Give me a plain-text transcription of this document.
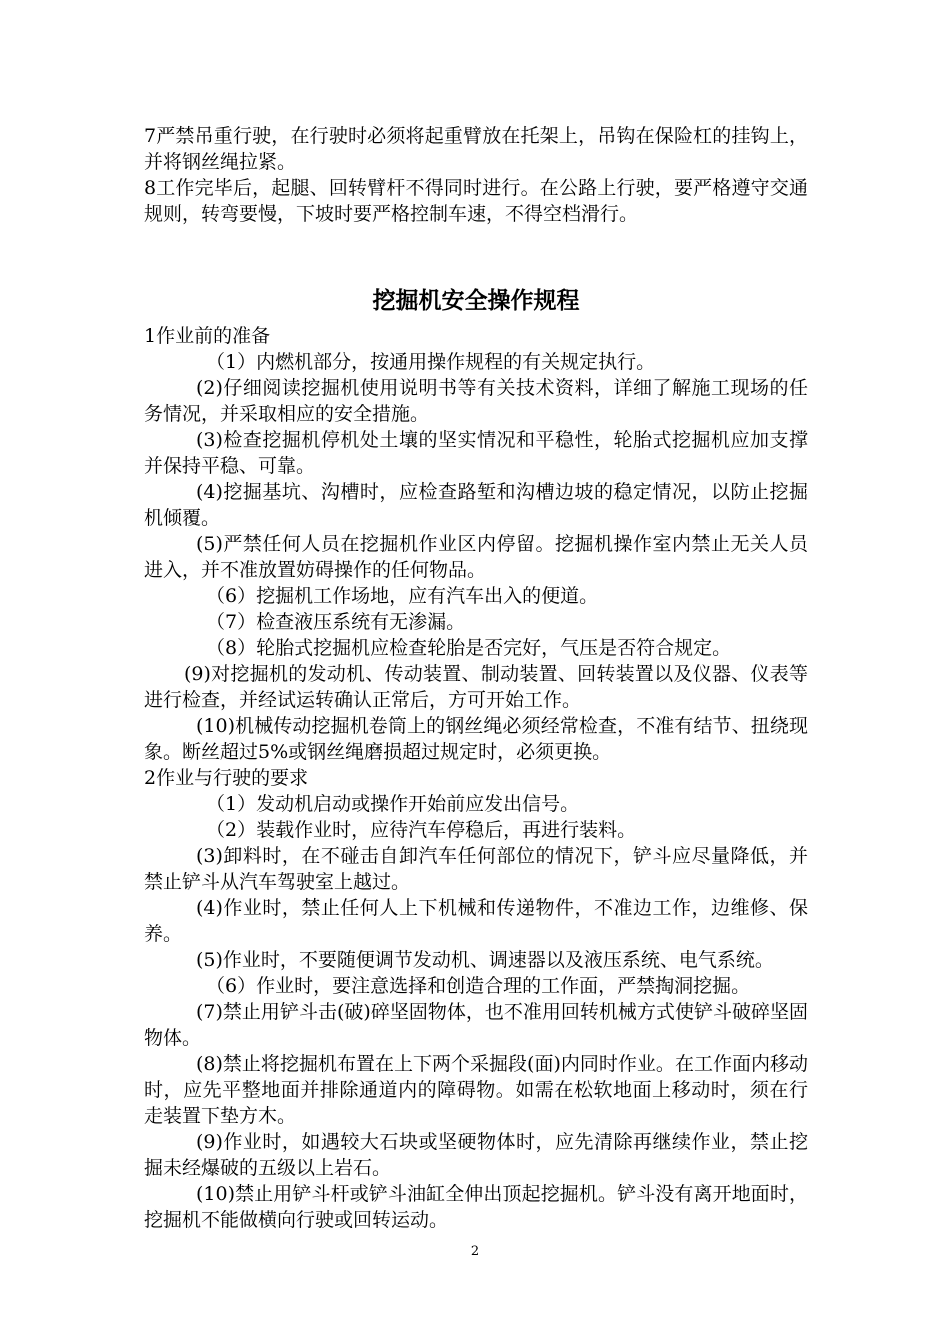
7严禁吊重行驶，在行驶时必须将起重臂放在托架上，吊钩在保险杠的挂钩上，并将钢丝绳拉紧。

8工作完毕后，起腿、回转臂杆不得同时进行。在公路上行驶，要严格遵守交通规则，转弯要慢，下坡时要严格控制车速，不得空档滑行。

挖掘机安全操作规程

1作业前的准备

（1）内燃机部分，按通用操作规程的有关规定执行。

(2)仔细阅读挖掘机使用说明书等有关技术资料，详细了解施工现场的任务情况，并采取相应的安全措施。

(3)检查挖掘机停机处土壤的坚实情况和平稳性，轮胎式挖掘机应加支撑并保持平稳、可靠。

(4)挖掘基坑、沟槽时，应检查路堑和沟槽边坡的稳定情况，以防止挖掘机倾覆。

(5)严禁任何人员在挖掘机作业区内停留。挖掘机操作室内禁止无关人员进入，并不准放置妨碍操作的任何物品。

（6）挖掘机工作场地，应有汽车出入的便道。

（7）检查液压系统有无渗漏。

（8）轮胎式挖掘机应检查轮胎是否完好，气压是否符合规定。

(9)对挖掘机的发动机、传动装置、制动装置、回转装置以及仪器、仪表等进行检查，并经试运转确认正常后，方可开始工作。

(10)机械传动挖掘机卷筒上的钢丝绳必须经常检查，不准有结节、扭绕现象。断丝超过5%或钢丝绳磨损超过规定时，必须更换。

2作业与行驶的要求

（1）发动机启动或操作开始前应发出信号。

（2）装载作业时，应待汽车停稳后，再进行装料。

(3)卸料时，在不碰击自卸汽车任何部位的情况下，铲斗应尽量降低，并禁止铲斗从汽车驾驶室上越过。

(4)作业时，禁止任何人上下机械和传递物件，不准边工作，边维修、保养。

(5)作业时，不要随便调节发动机、调速器以及液压系统、电气系统。

（6）作业时，要注意选择和创造合理的工作面，严禁掏洞挖掘。

(7)禁止用铲斗击(破)碎坚固物体，也不准用回转机械方式使铲斗破碎坚固物体。

(8)禁止将挖掘机布置在上下两个采掘段(面)内同时作业。在工作面内移动时，应先平整地面并排除通道内的障碍物。如需在松软地面上移动时，须在行走装置下垫方木。

(9)作业时，如遇较大石块或坚硬物体时，应先清除再继续作业，禁止挖掘未经爆破的五级以上岩石。

(10)禁止用铲斗杆或铲斗油缸全伸出顶起挖掘机。铲斗没有离开地面时，挖掘机不能做横向行驶或回转运动。

2
